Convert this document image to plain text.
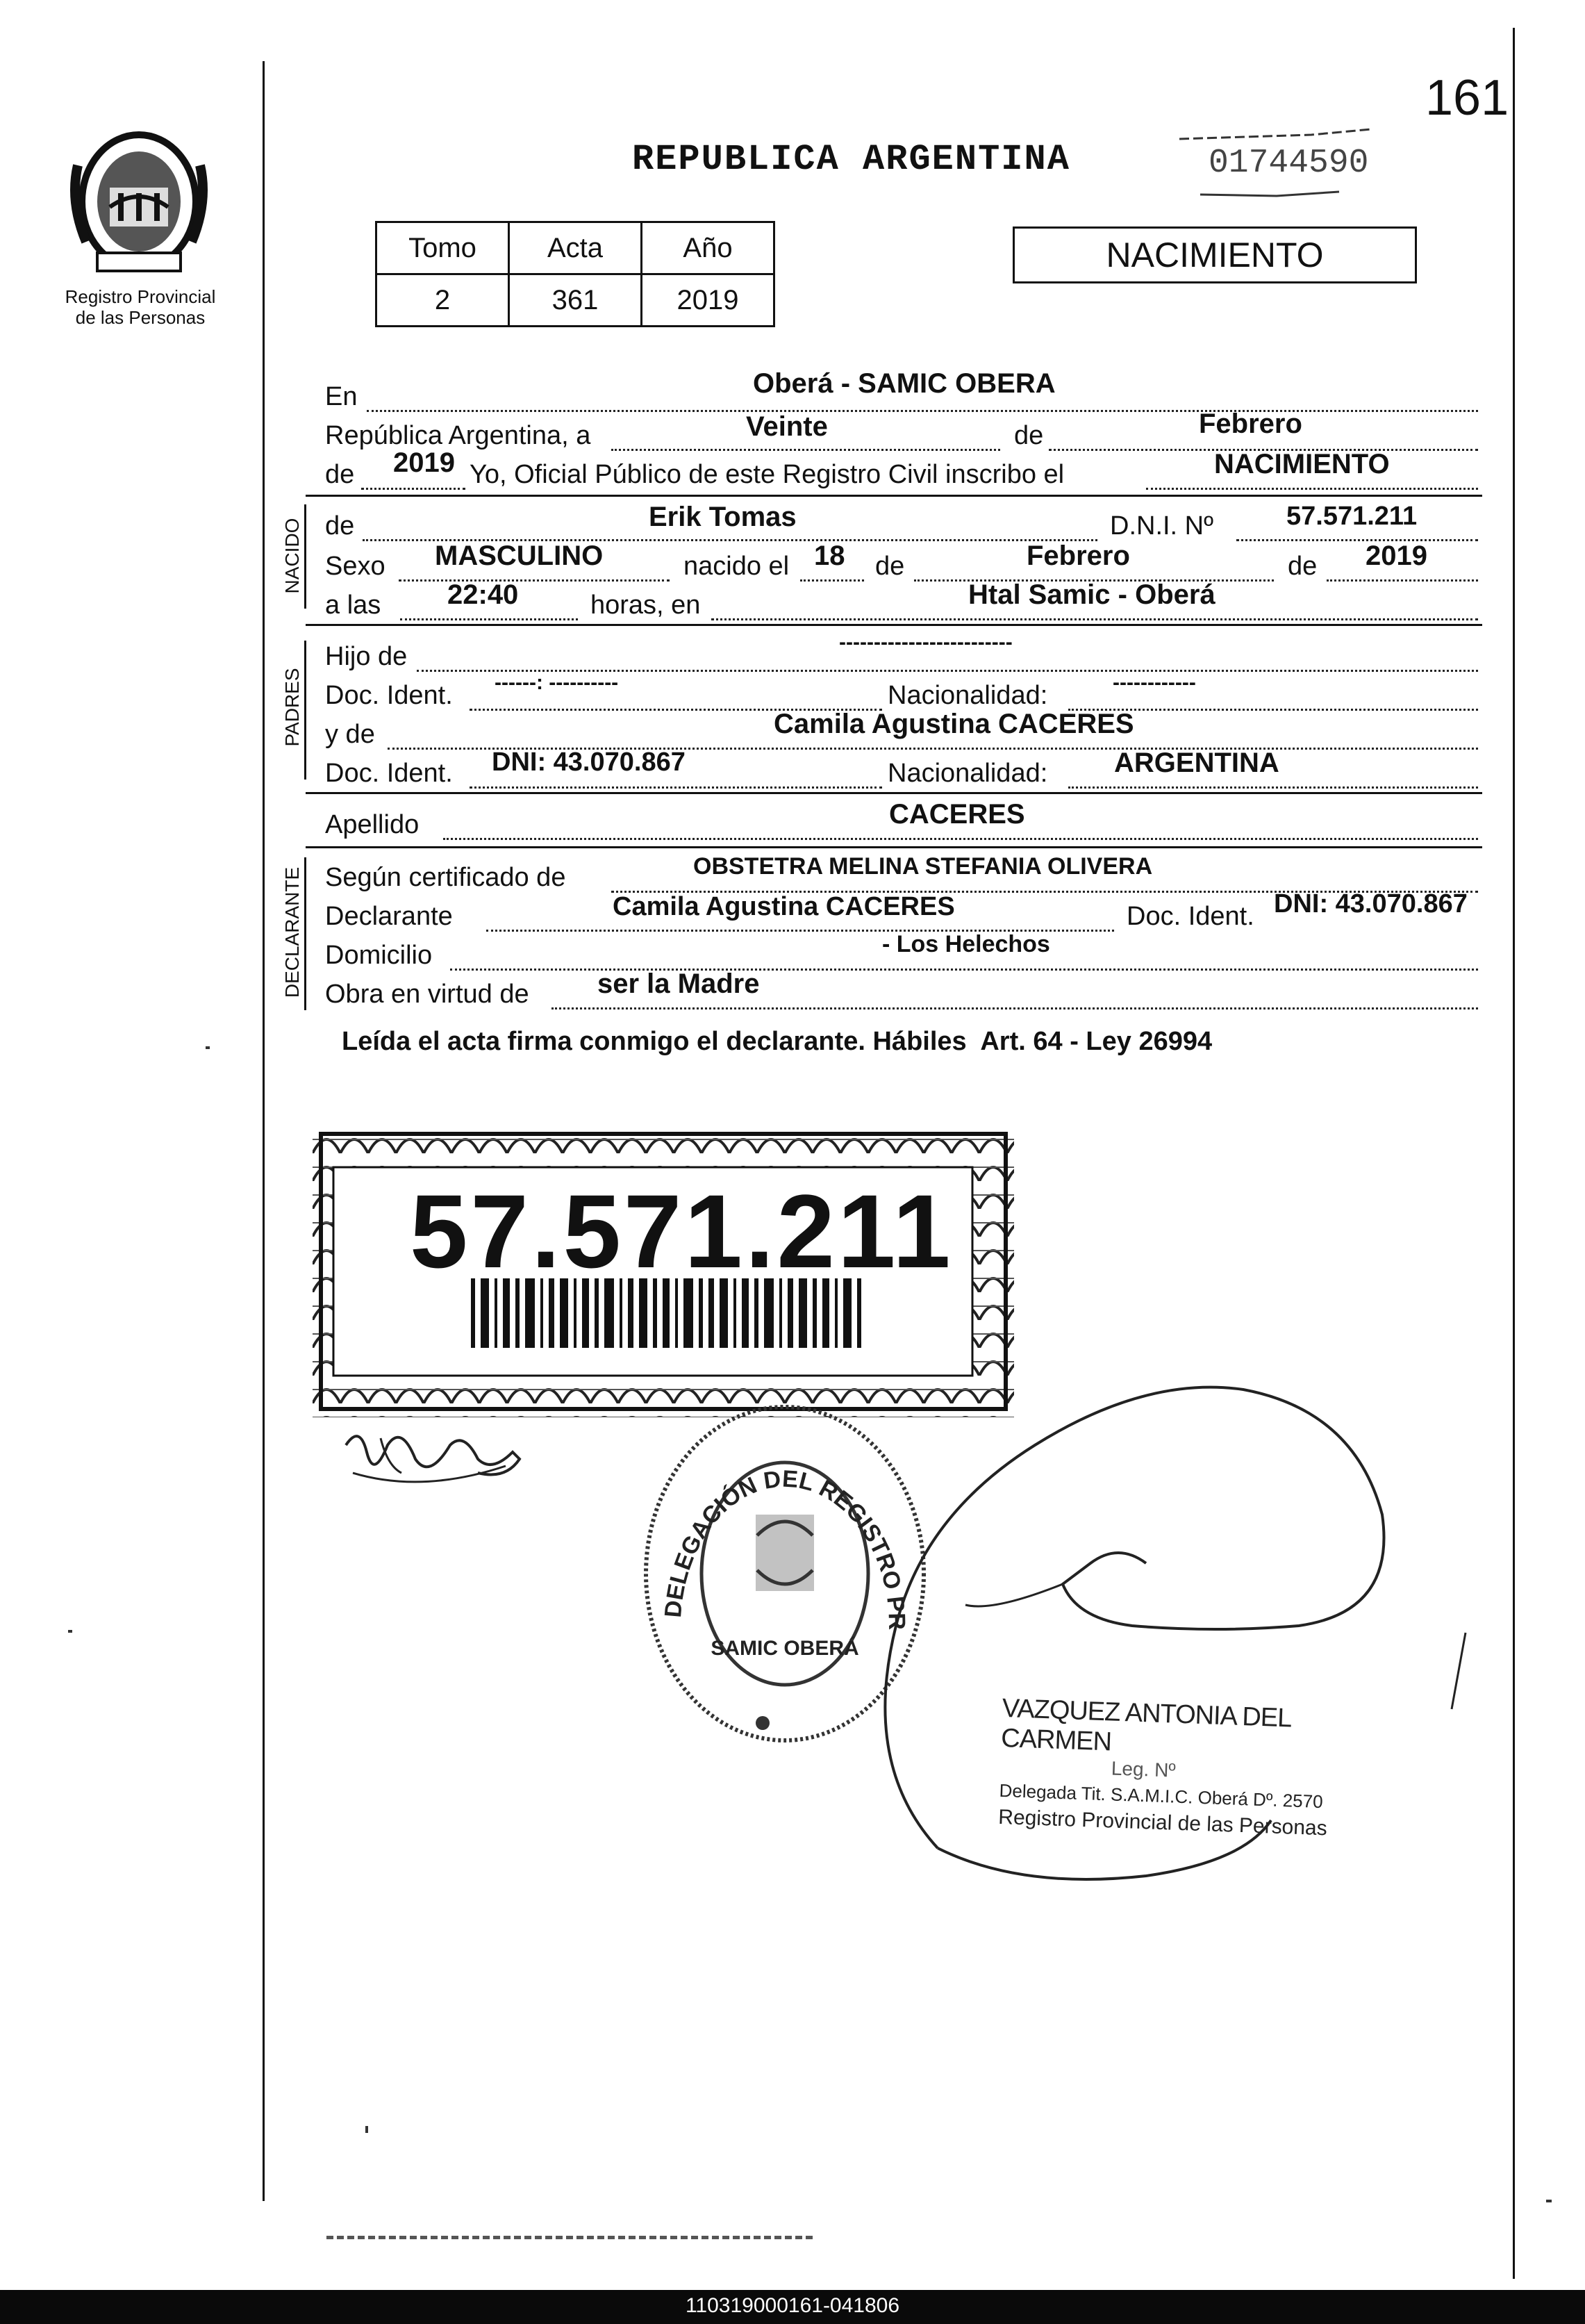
Registro Provincial
de las Personas
161
REPUBLICA ARGENTINA	01744590
Tomo	Acta	Año
2	361	2019
NACIMIENTO
En	Oberá - SAMIC OBERA
República Argentina, a	Veinte	de	Febrero
de 2019 Yo, Oficial Público de este Registro Civil inscribo el	NACIMIENTO
NACIDO de	Erik Tomas	D.N.I. Nº	57.571.211
Sexo MASCULINO	nacido el 18 de	Febrero	de 2019
a las 22:40	horas, en	Htal Samic - Oberá
PADRES
Hijo de	-------------------------
Doc. Ident. ------: ----------	Nacionalidad:	------------
y de	Camila Agustina CACERES
Doc. Ident. DNI: 43.070.867	Nacionalidad: ARGENTINA
Apellido	CACERES
DECLARANTE Según certificado de	OBSTETRA MELINA STEFANIA OLIVERA
Declarante	Camila Agustina CACERES	Doc. Ident. DNI: 43.070.867
Domicilio	- Los Helechos
Obra en virtud de ser la Madre
Leída el acta firma conmigo el declarante. Hábiles  Art. 64 - Ley 26994
57.571.211
DELEGACIÓN DEL REGISTRO PR
SAMIC OBERÁ
VAZQUEZ ANTONIA DEL CARMEN
Leg. Nº
Delegada Tit. S.A.M.I.C. Oberá Dº. 2570
Registro Provincial de las Personas
110319000161-041806
